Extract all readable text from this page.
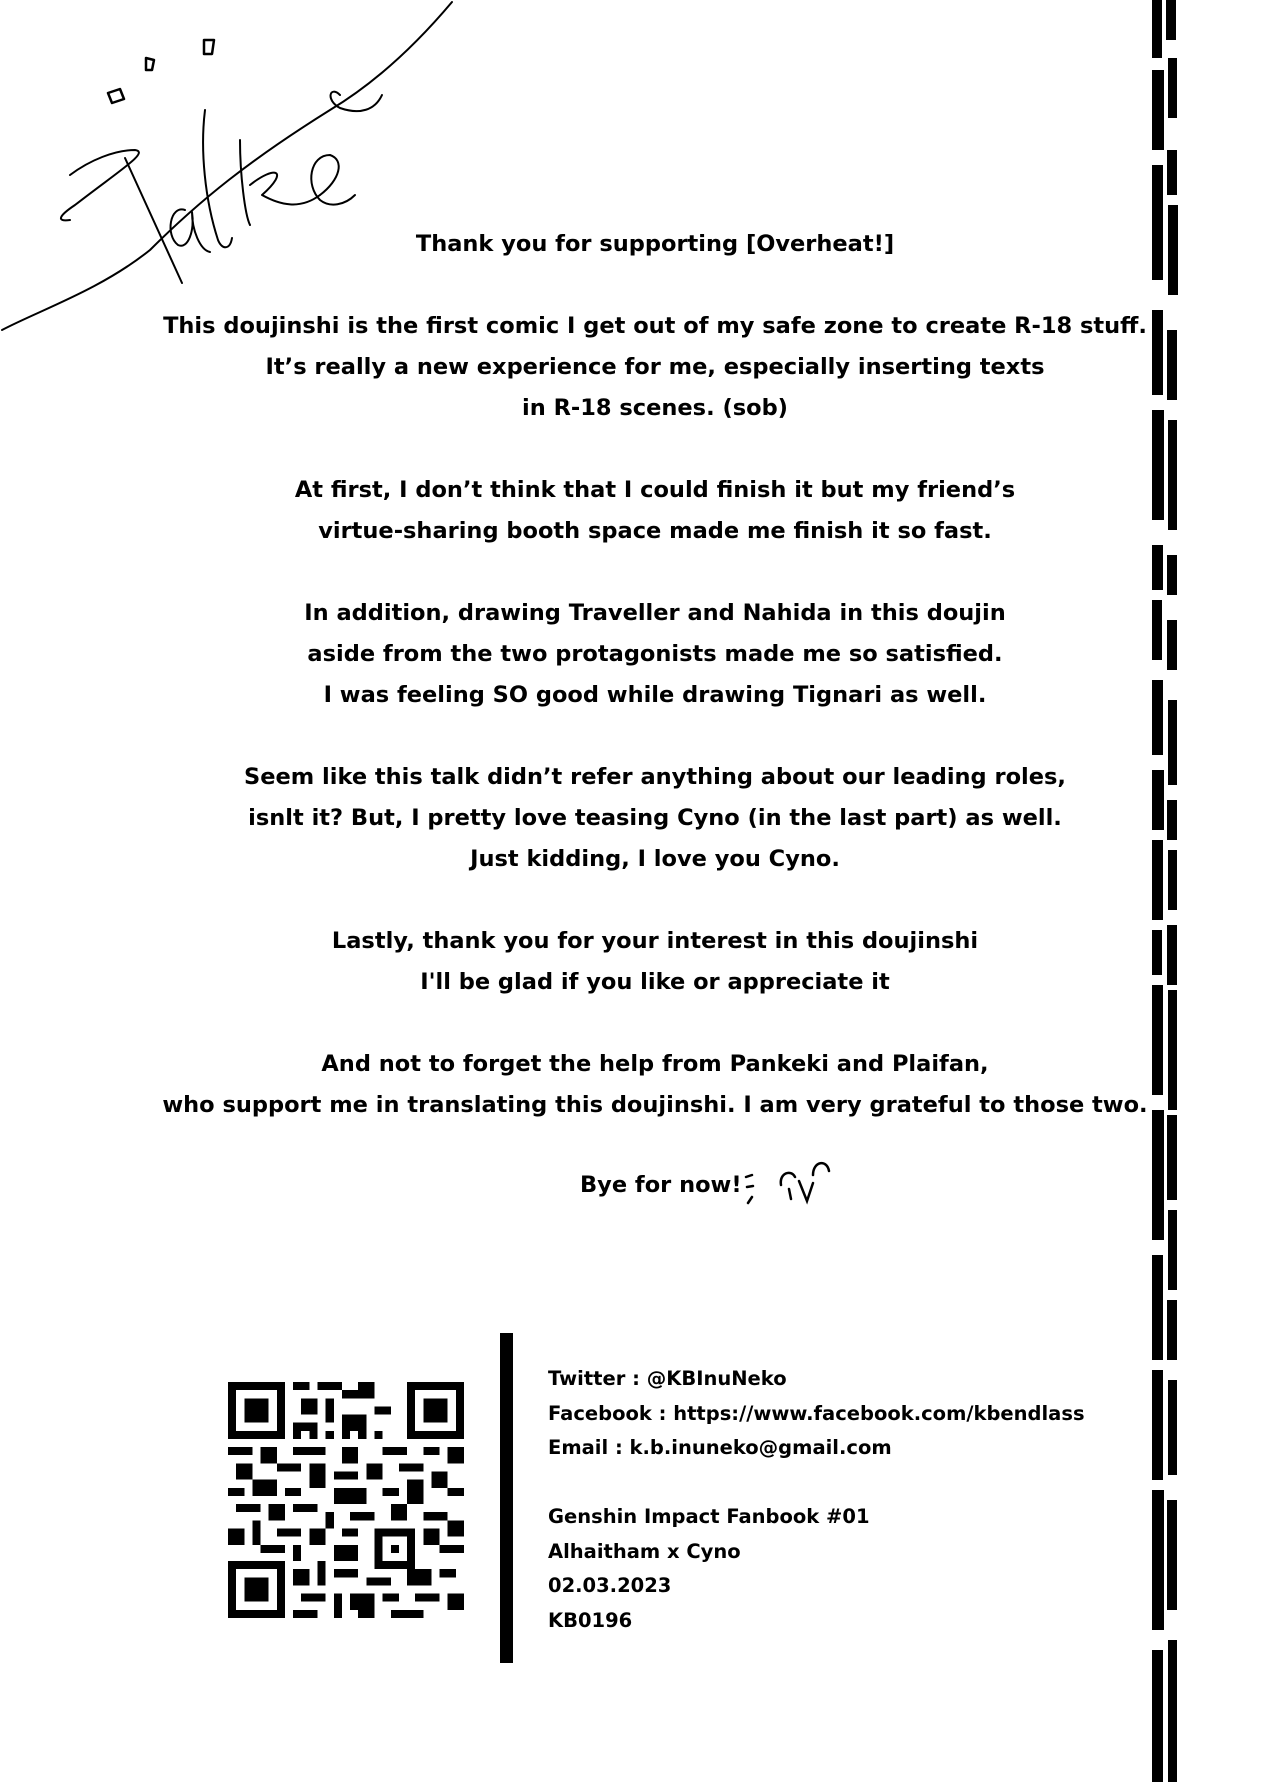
Thank you for supporting [Overheat!]
This doujinshi is the first comic I get out of my safe zone to create R-18 stuff.
It’s really a new experience for me, especially inserting texts
in R-18 scenes. (sob)
At first, I don’t think that I could finish it but my friend’s
virtue-sharing booth space made me finish it so fast.
In addition, drawing Traveller and Nahida in this doujin
aside from the two protagonists made me so satisfied.
I was feeling SO good while drawing Tignari as well.
Seem like this talk didn’t refer anything about our leading roles,
isnlt it? But, I pretty love teasing Cyno (in the last part) as well.
Just kidding, I love you Cyno.
Lastly, thank you for your interest in this doujinshi
I'll be glad if you like or appreciate it
And not to forget the help from Pankeki and Plaifan,
who support me in translating this doujinshi. I am very grateful to those two.
Bye for now!
Twitter : @KBInuNeko
Facebook : https://www.facebook.com/kbendlass
Email : k.b.inuneko@gmail.com
Genshin Impact Fanbook #01
Alhaitham x Cyno
02.03.2023
KB0196
